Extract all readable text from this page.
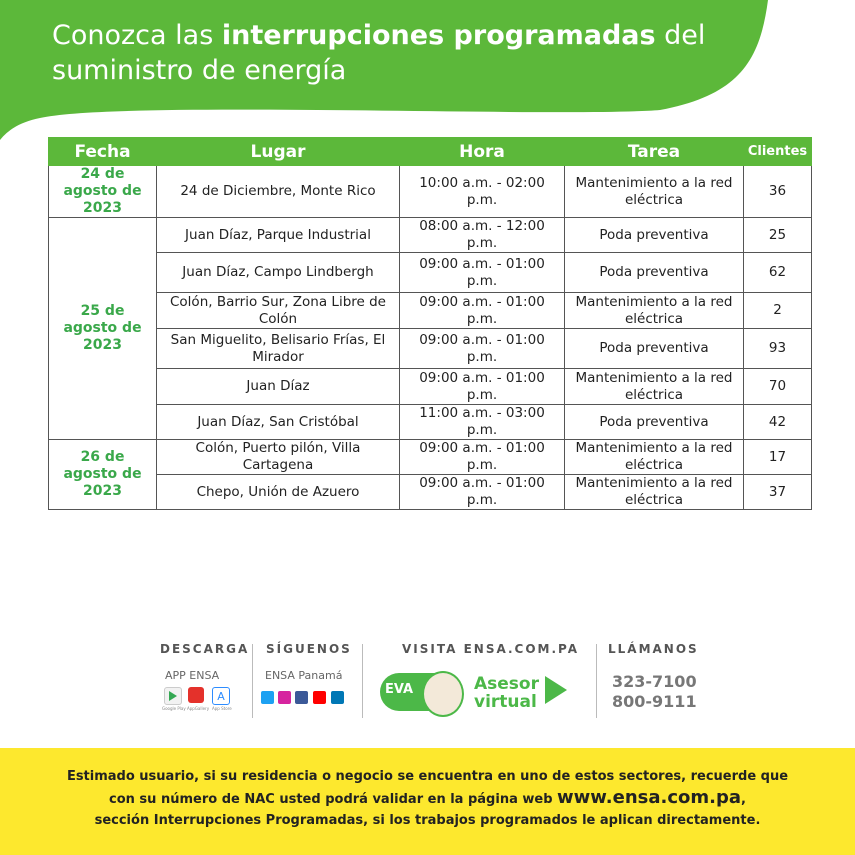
Conozca las interrupciones programadas del suministro de energía
Fecha	Lugar	Hora	Tarea	Clientes
24 de agosto de 2023	24 de Diciembre, Monte Rico	10:00 a.m. - 02:00 p.m.	Mantenimiento a la red eléctrica	36
25 de agosto de 2023	Juan Díaz, Parque Industrial	08:00 a.m. - 12:00 p.m.	Poda preventiva	25
	Juan Díaz, Campo Lindbergh	09:00 a.m. - 01:00 p.m.	Poda preventiva	62
	Colón, Barrio Sur, Zona Libre de Colón	09:00 a.m. - 01:00 p.m.	Mantenimiento a la red eléctrica	2
	San Miguelito, Belisario Frías, El Mirador	09:00 a.m. - 01:00 p.m.	Poda preventiva	93
	Juan Díaz	09:00 a.m. - 01:00 p.m.	Mantenimiento a la red eléctrica	70
	Juan Díaz, San Cristóbal	11:00 a.m. - 03:00 p.m.	Poda preventiva	42
26 de agosto de 2023	Colón, Puerto pilón, Villa Cartagena	09:00 a.m. - 01:00 p.m.	Mantenimiento a la red eléctrica	17
	Chepo, Unión de Azuero	09:00 a.m. - 01:00 p.m.	Mantenimiento a la red eléctrica	37
DESCARGA
APP ENSA
A
Google Play AppGallery App Store
SÍGUENOS
ENSA Panamá
VISITA ENSA.COM.PA
EVA	Asesor
virtual
LLÁMANOS
323-7100
800-9111
Estimado usuario, si su residencia o negocio se encuentra en uno de estos sectores, recuerde que
con su número de NAC usted podrá validar en la página web www.ensa.com.pa,
sección Interrupciones Programadas, si los trabajos programados le aplican directamente.
